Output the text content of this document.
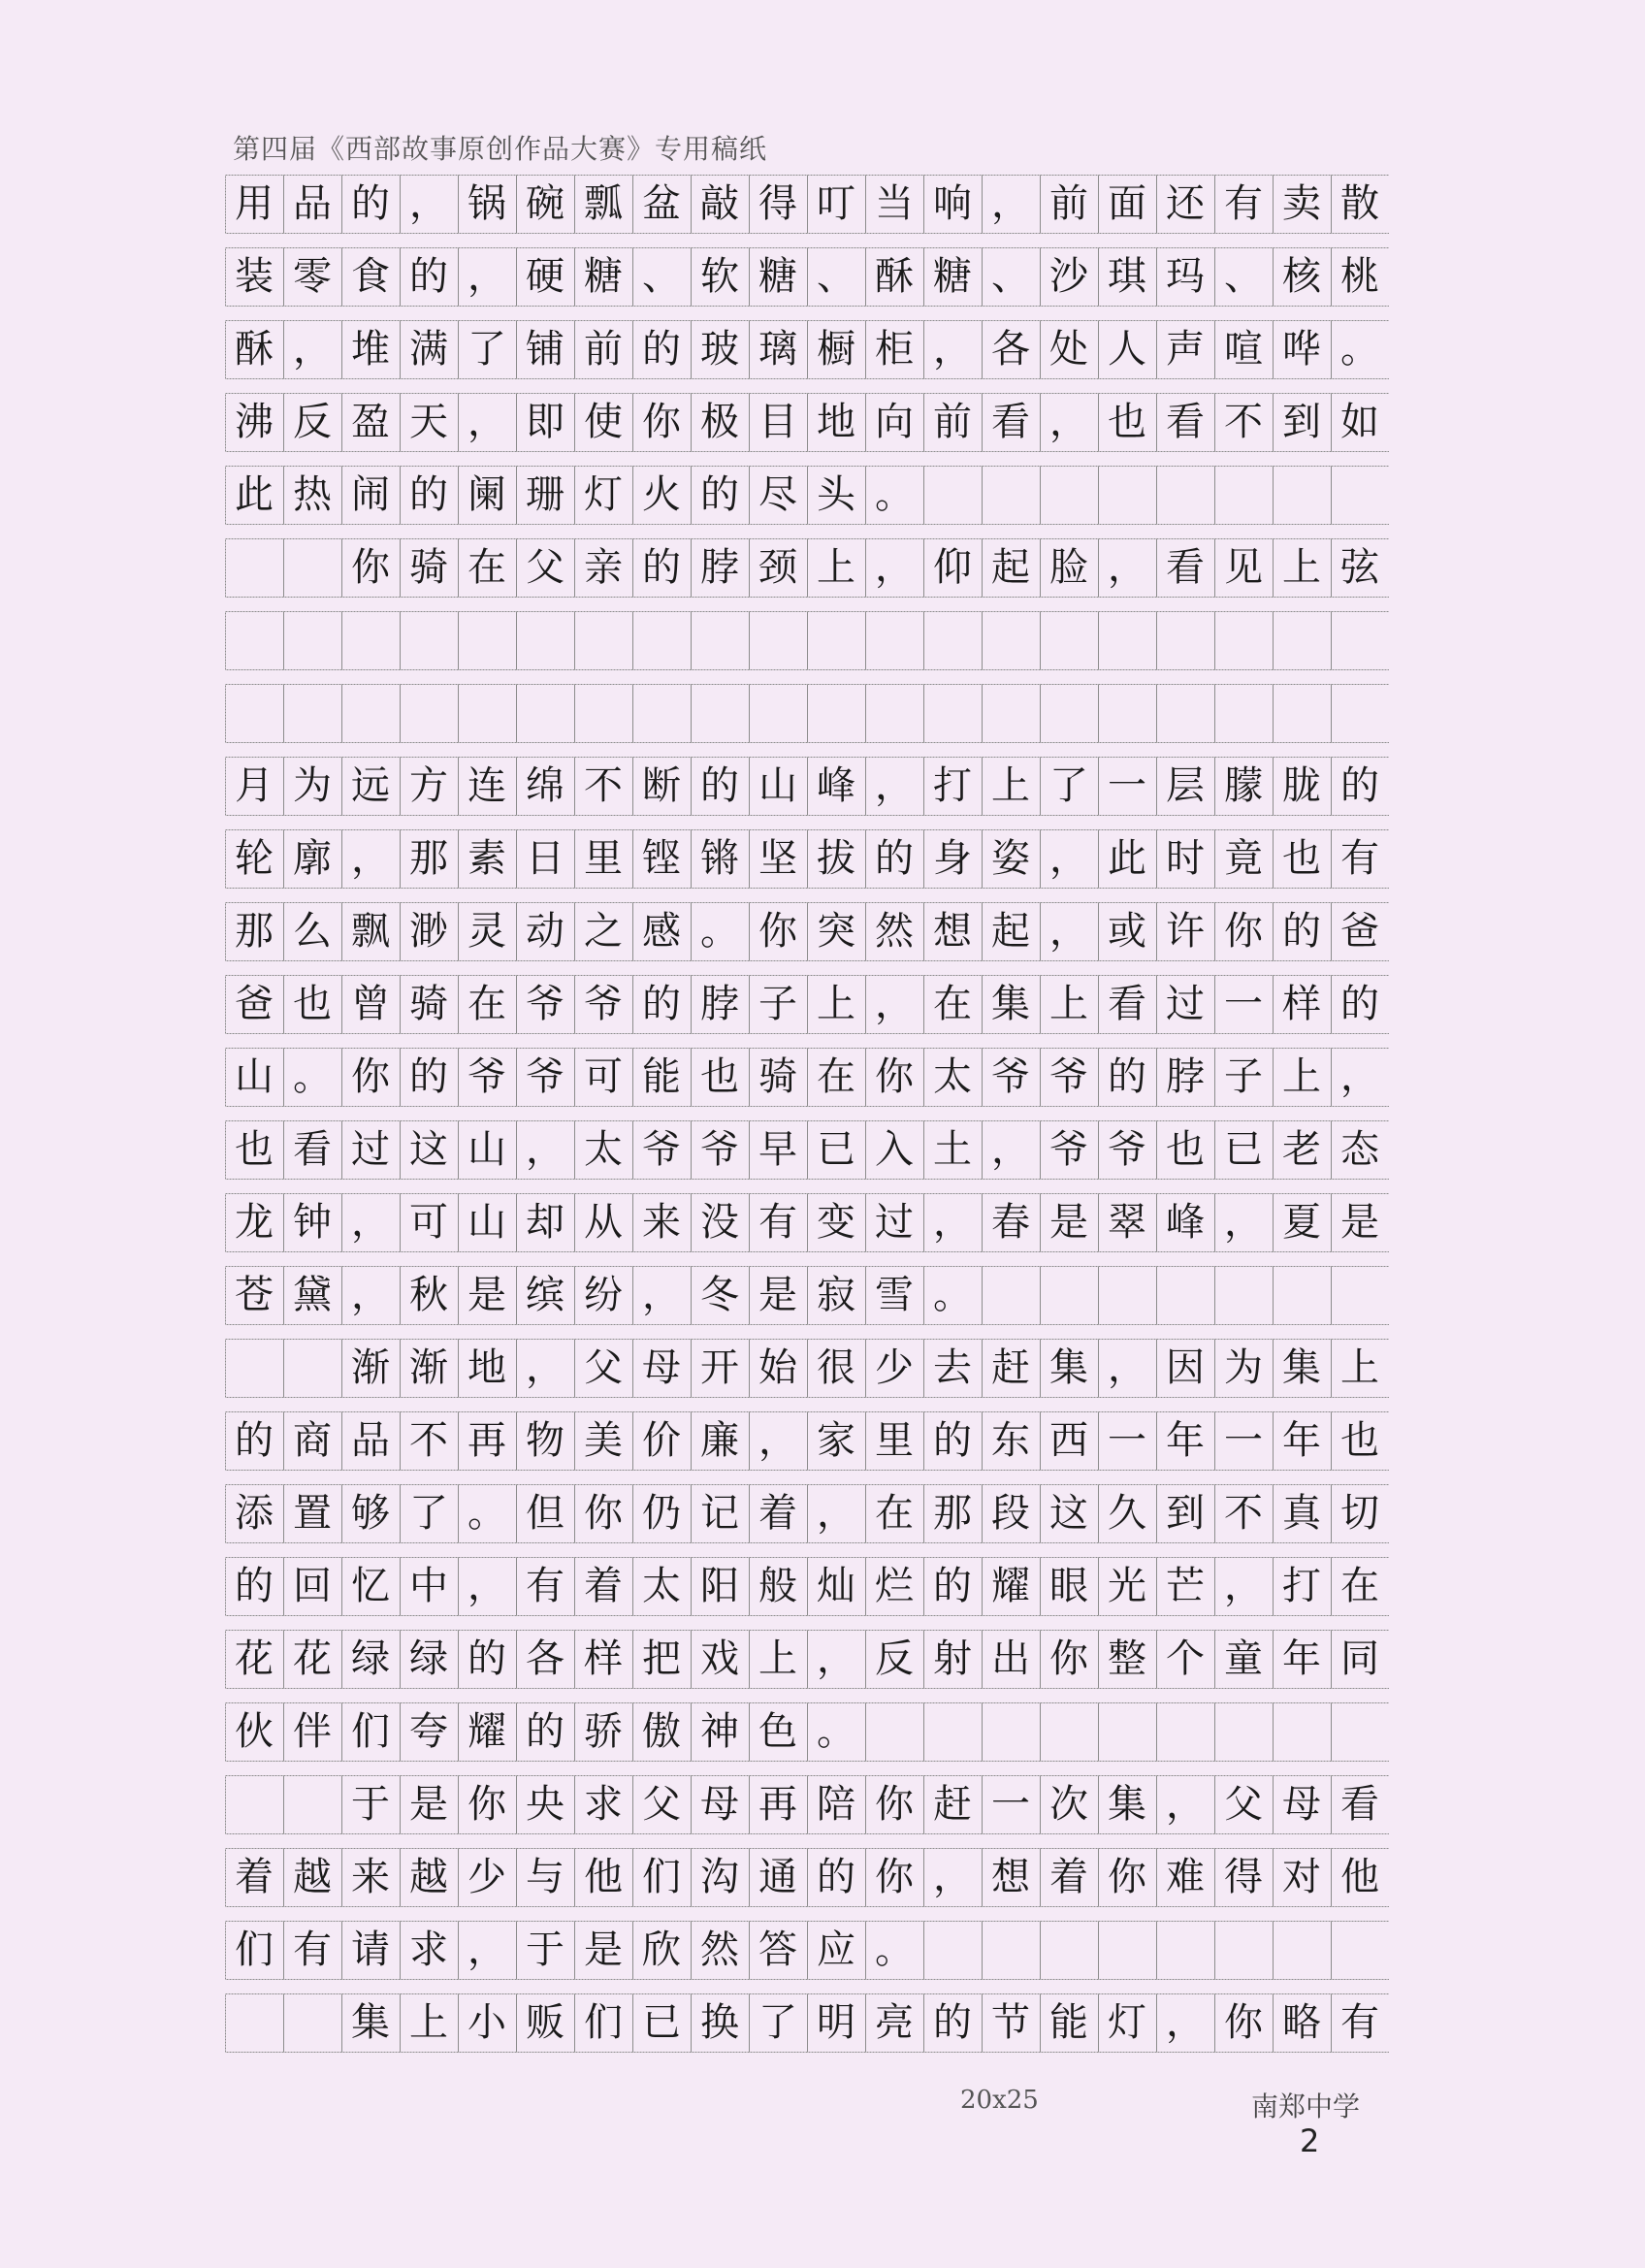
第四届《西部故事原创作品大赛》专用稿纸
用 品 的 ， 锅 碗 瓢 盆 敲 得 叮 当 响 ， 前 面 还 有 卖 散
装 零 食 的 ， 硬 糖 、 软 糖 、 酥 糖 、 沙 琪 玛 、 核 桃
酥 ， 堆 满 了 铺 前 的 玻 璃 橱 柜 ， 各 处 人 声 喧 哗 。
沸 反 盈 天 ， 即 使 你 极 目 地 向 前 看 ， 也 看 不 到 如
此 热 闹 的 阑 珊 灯 火 的 尽 头 。

你 骑 在 父 亲 的 脖 颈 上 ， 仰 起 脸 ， 看 见 上 弦
月 为 远 方 连 绵 不 断 的 山 峰 ， 打 上 了 一 层 朦 胧 的
轮 廓 ， 那 素 日 里 铿 锵 坚 拔 的 身 姿 ， 此 时 竟 也 有
那 么 飘 渺 灵 动 之 感 。 你 突 然 想 起 ， 或 许 你 的 爸
爸 也 曾 骑 在 爷 爷 的 脖 子 上 ， 在 集 上 看 过 一 样 的
山 。 你 的 爷 爷 可 能 也 骑 在 你 太 爷 爷 的 脖 子 上 ，
也 看 过 这 山 ， 太 爷 爷 早 已 入 土 ， 爷 爷 也 已 老 态
龙 钟 ， 可 山 却 从 来 没 有 变 过 ， 春 是 翠 峰 ， 夏 是
苍 黛 ， 秋 是 缤 纷 ， 冬 是 寂 雪 。

渐 渐 地 ， 父 母 开 始 很 少 去 赶 集 ， 因 为 集 上
的 商 品 不 再 物 美 价 廉 ， 家 里 的 东 西 一 年 一 年 也
添 置 够 了 。 但 你 仍 记 着 ， 在 那 段 这 久 到 不 真 切
的 回 忆 中 ， 有 着 太 阳 般 灿 烂 的 耀 眼 光 芒 ， 打 在
花 花 绿 绿 的 各 样 把 戏 上 ， 反 射 出 你 整 个 童 年 同
伙 伴 们 夸 耀 的 骄 傲 神 色 。

于 是 你 央 求 父 母 再 陪 你 赶 一 次 集 ， 父 母 看
着 越 来 越 少 与 他 们 沟 通 的 你 ， 想 着 你 难 得 对 他
们 有 请 求 ， 于 是 欣 然 答 应 。

集 上 小 贩 们 已 换 了 明 亮 的 节 能 灯 ， 你 略 有
20x25	南郑中学
2
